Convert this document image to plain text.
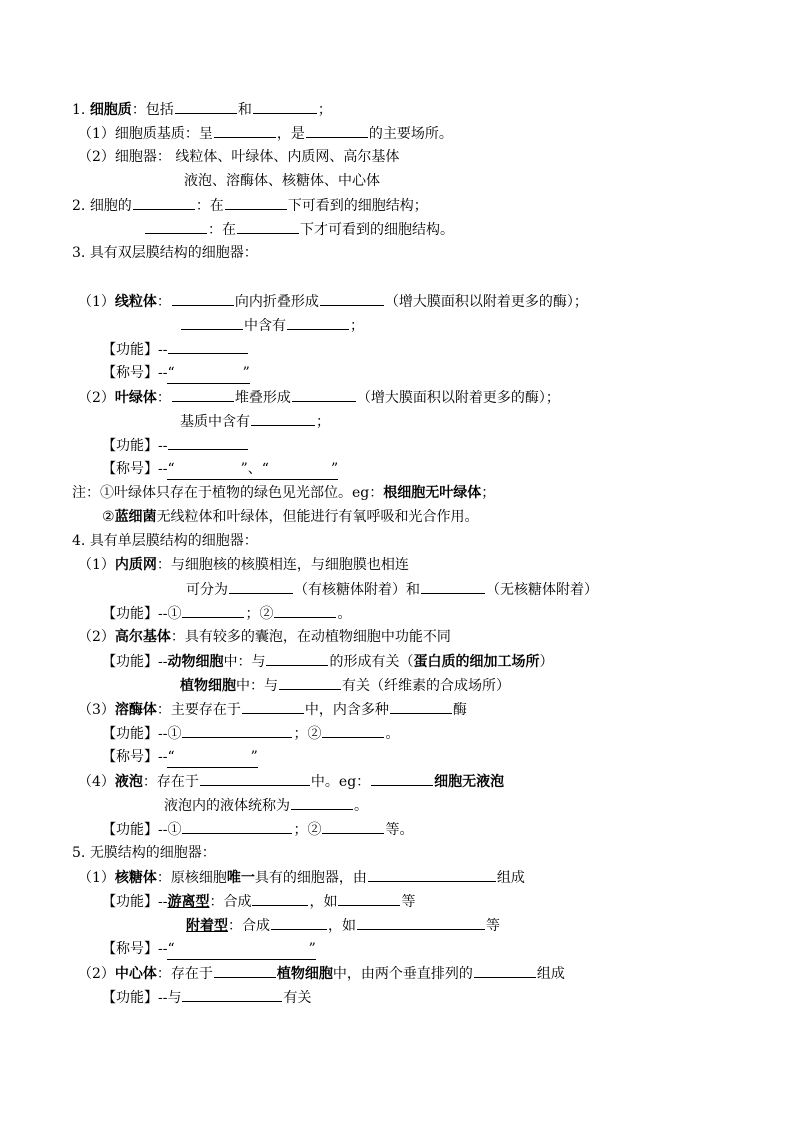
1. 细胞质：包括	和	；
（1）细胞质基质：呈	，是	的主要场所。
（2）细胞器： 线粒体、叶绿体、内质网、高尔基体
液泡、溶酶体、核糖体、中心体
2. 细胞的	：在	下可看到的细胞结构；
：在	下才可看到的细胞结构。
3. 具有双层膜结构的细胞器：
（1）线粒体：	向内折叠形成	（增大膜面积以附着更多的酶）；
中含有	；
【功能】--
【称号】--“	”
（2）叶绿体：	堆叠形成	（增大膜面积以附着更多的酶）；
基质中含有	；
【功能】--
【称号】--“	”、“	”
注：①叶绿体只存在于植物的绿色见光部位。eg：根细胞无叶绿体；
②蓝细菌无线粒体和叶绿体，但能进行有氧呼吸和光合作用。
4. 具有单层膜结构的细胞器：
（1）内质网：与细胞核的核膜相连，与细胞膜也相连
可分为	（有核糖体附着）和	（无核糖体附着）
【功能】--①	；②	。
（2）高尔基体：具有较多的囊泡，在动植物细胞中功能不同
【功能】--动物细胞中：与	的形成有关（蛋白质的细加工场所）
植物细胞中：与	有关（纤维素的合成场所）
（3）溶酶体：主要存在于	中，内含多种	酶
【功能】--①	；②	。
【称号】--“	”
（4）液泡：存在于	中。eg：	细胞无液泡
液泡内的液体统称为	。
【功能】--①	；②	等。
5. 无膜结构的细胞器：
（1）核糖体：原核细胞唯一具有的细胞器，由	组成
【功能】--游离型：合成	，如	等
附着型：合成	，如	等
【称号】--“	”
（2）中心体：存在于	植物细胞中，由两个垂直排列的	组成
【功能】--与	有关
